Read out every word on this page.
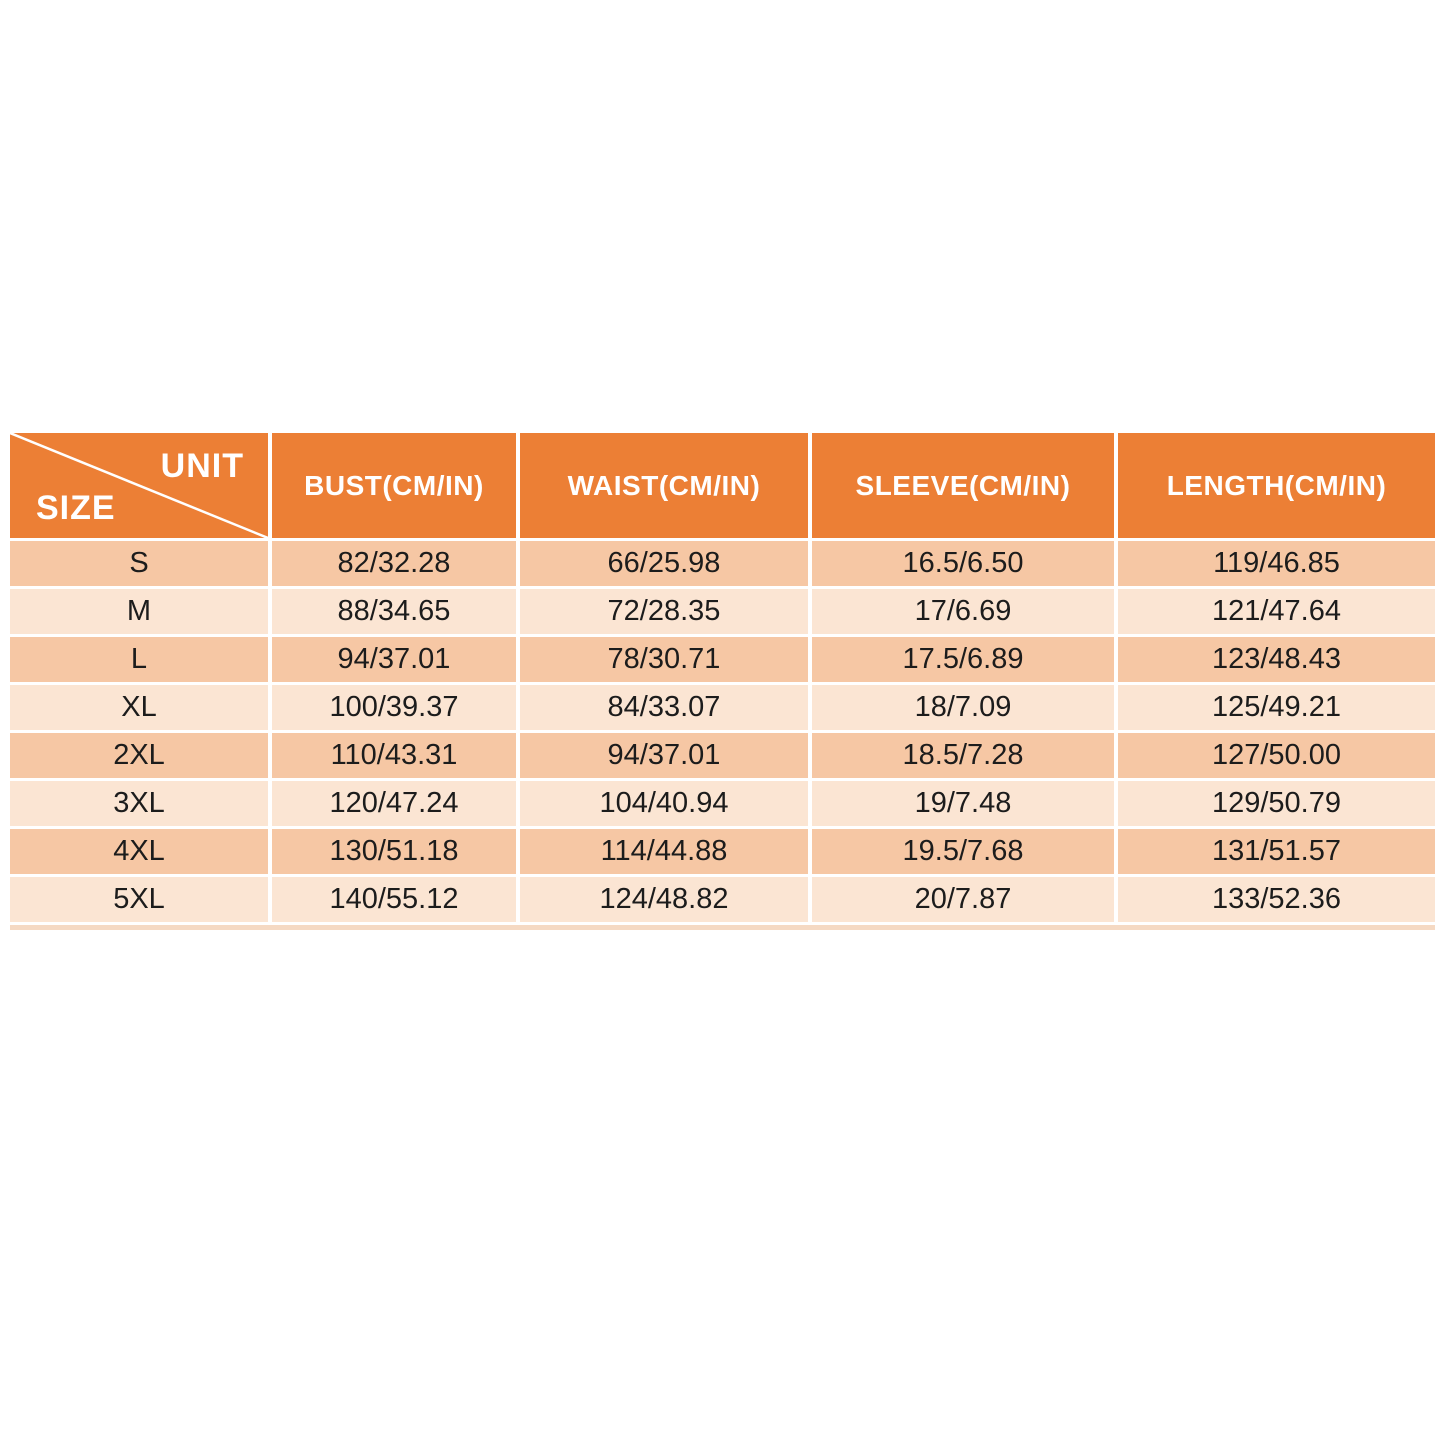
UNIT
SIZE
BUST(CM/IN)	WAIST(CM/IN)	SLEEVE(CM/IN)	LENGTH(CM/IN)
S	82/32.28	66/25.98	16.5/6.50	119/46.85
M	88/34.65	72/28.35	17/6.69	121/47.64
L	94/37.01	78/30.71	17.5/6.89	123/48.43
XL	100/39.37	84/33.07	18/7.09	125/49.21
2XL	110/43.31	94/37.01	18.5/7.28	127/50.00
3XL	120/47.24	104/40.94	19/7.48	129/50.79
4XL	130/51.18	114/44.88	19.5/7.68	131/51.57
5XL	140/55.12	124/48.82	20/7.87	133/52.36
